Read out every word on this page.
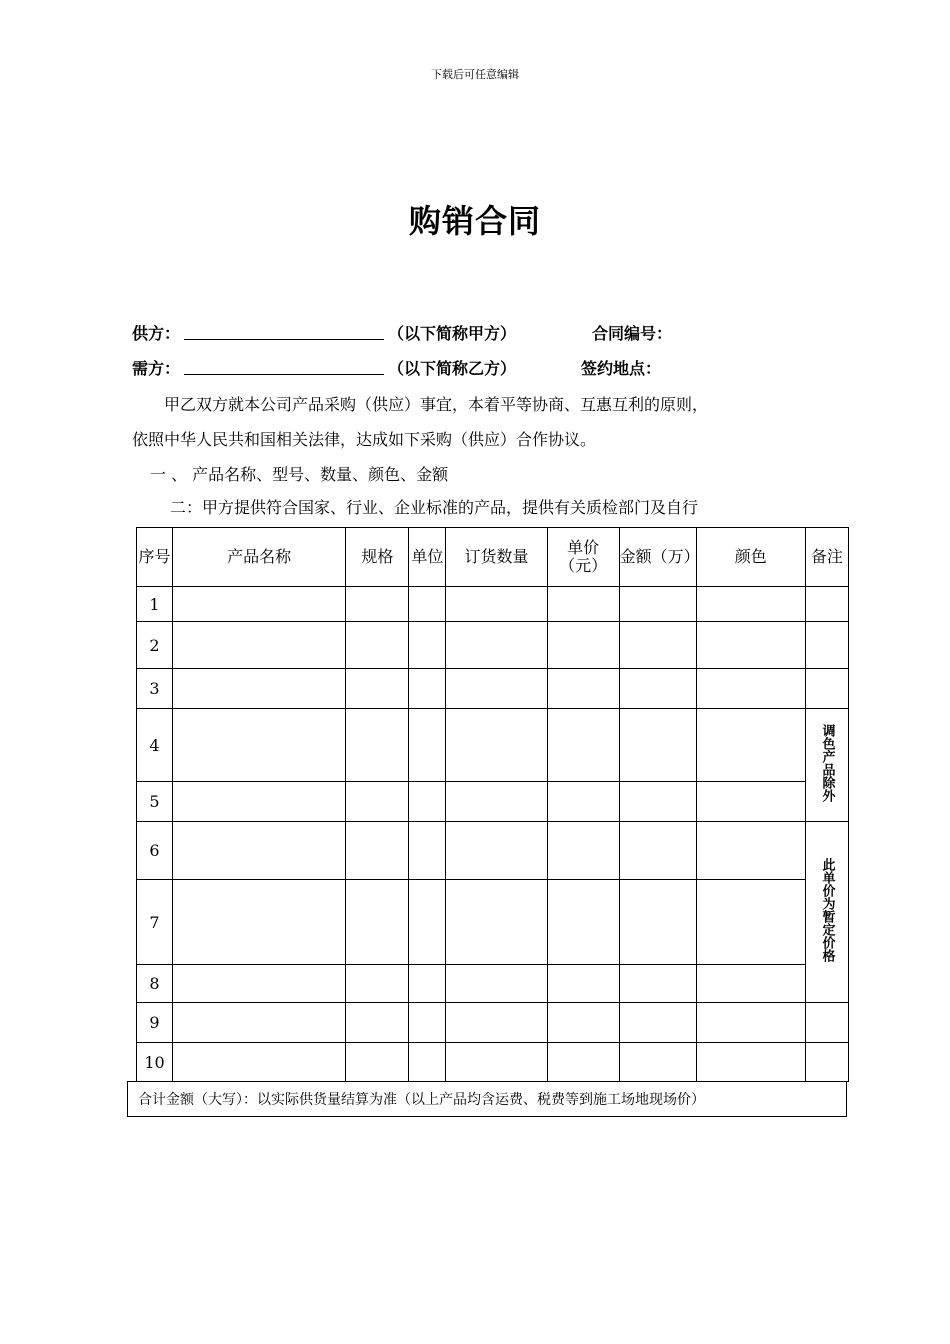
下载后可任意编辑
购销合同
供方：	（以下简称甲方）	合同编号：
需方：	（以下简称乙方）	签约地点：
甲乙双方就本公司产品采购（供应）事宜，本着平等协商、互惠互利的原则，
依照中华人民共和国相关法律，达成如下采购（供应）合作协议。
一 、 产品名称、型号、数量、颜色、金额
二：甲方提供符合国家、行业、企业标准的产品，提供有关质检部门及自行
序号	产品名称	规格	单位	订货数量	单价（元）	金额（万）	颜色	备注
1								
2								
3								
4								调色产品除外
5								
6								此单价为暂定价格
7								
8								
9								
10								
合计金额（大写）：以实际供货量结算为准（以上产品均含运费、税费等到施工场地现场价）
